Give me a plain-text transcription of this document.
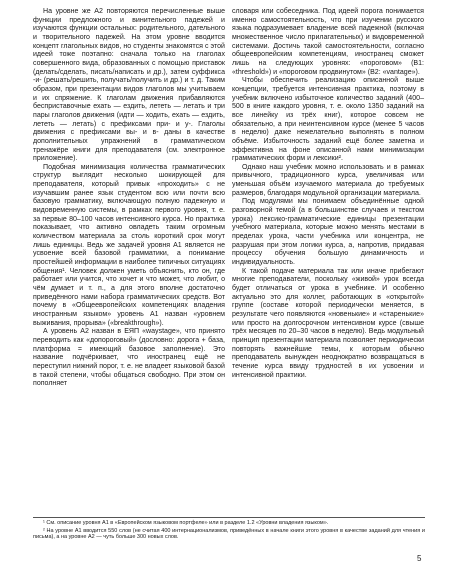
На уровне же А2 повторяются перечисленные выше функции предложного и винительного падежей и изучаются функции остальных: родительного, дательного и творительного падежей. На этом уровне вводится концепт глагольных видов, но студенты знакомятся с этой идеей тоже поэтапно: сначала только на глаголах совершенного вида, образованных с помощью приставок (делать/сделать, писать/написать и др.), затем суффикса -и- (решать/решить, получать/получить и др.) и т. д. Таким образом, при презентации видов глаголов мы учитываем и их спряжение. К глаголам движения прибавляются бесприставочные ехать — ездить, лететь — летать и три пары глаголов движения (идти — ходить, ехать — ездить, лететь — летать) с префиксами при- и у-. Глаголы движения с префиксами вы- и в- даны в качестве дополнительных упражнений в грамматическом тренажёре книги для преподавателя (см. электронное приложение).

Подобная минимизация количества грамматических структур выглядит несколько шокирующей для преподавателя, который привык «проходить» с не изучавшим ранее язык студентом всю или почти всю базовую грамматику, включающую полную падежную и видовременную системы, в рамках первого уровня, т. е. за первые 80–100 часов интенсивного курса. Но практика показывает, что активно овладеть таким огромным количеством материала за столь короткий срок могут лишь единицы. Ведь же задачей уровня А1 является не усвоение всей базовой грамматики, а понимание простейшей информации в наиболее типичных ситуациях общения¹. Человек должен уметь объяснить, кто он, где работает или учится, что хочет и что может, что любит, о чём думает и т. п., а для этого вполне достаточно приведённого нами набора грамматических средств. Вот почему в «Общеевропейских компетенциях владения иностранным языком» уровень А1 назван «уровнем выживания, прорыва» («breakthrough»).

А уровень А2 назван в ЕЯП «waystage», что принято переводить как «допороговый» (дословно: дорога + база, платформа = имеющий базовое заполнение). Это название подчёркивает, что иностранец ещё не переступил нижний порог, т. е. не владеет языковой базой в такой степени, чтобы общаться свободно. При этом он пополняет

словаря или собеседника. Под идеей порога понимается именно самостоятельность, что при изучении русского языка подразумевает владение всей падежной (включая множественное число прилагательных) и видовременной системами. Достичь такой самостоятельности, согласно общеевропейским компетенциям, иностранец сможет лишь на следующих уровнях: «пороговом» (B1: «threshold») и «пороговом продвинутом» (B2: «vantage»).

Чтобы обеспечить реализацию описанной выше концепции, требуется интенсивная практика, поэтому в учебник включено избыточное количество заданий (400–500 в книге каждого уровня, т. е. около 1350 заданий на все линейку из трёх книг), которое совсем не обязательно, а при неинтенсивном курсе (менее 5 часов в неделю) даже нежелательно выполнять в полном объёме. Избыточность заданий ещё более заметна и эффективна на фоне описанной нами минимизации грамматических форм и лексики².

Однако наш учебник можно использовать и в рамках привычного, традиционного курса, увеличивая или уменьшая объём изучаемого материала до требуемых размеров, благодаря модульной организации материала.

Под модулями мы понимаем объединённые одной разговорной темой (а в большинстве случаев и текстом урока) лексико-грамматические единицы презентации учебного материала, которые можно менять местами в пределах урока, части учебника или концентра, не разрушая при этом логики курса, а, напротив, придавая процессу обучения большую динамичность и индивидуальность.

К такой подаче материала так или иначе прибегают многие преподаватели, поскольку «живой» урок всегда будет отличаться от урока в учебнике. И особенно актуально это для коллег, работающих в «открытой» группе (составе которой периодически меняется, в результате чего появляются «новенькие» и «старенькие» или просто на долгосрочном интенсивном курсе (свыше трёх месяцев по 20–30 часов в неделю). Ведь модульный принцип презентации материала позволяет периодически повторять важнейшие темы, к которым обычно преподаватель вынужден неоднократно возвращаться в течение курса ввиду трудностей в их усвоении и интенсивной практики.

¹ См. описание уровня А1 в «Европейском языковом портфеле» или в разделе 1.2 «Уровни владения языком».

² На уровне А1 вводится 550 слов (не считая 400 интернационализмов, приведённых в начале книги этого уровня в качестве заданий для чтения и письма), а на уровне А2 — чуть больше 300 новых слов.

5
